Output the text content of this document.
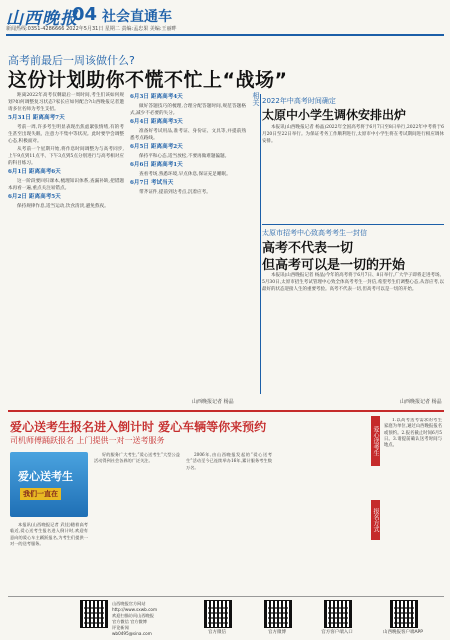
山西晚报
04 社会直通车
新闻热线:0351-4286666 2022年5月31日 星期二 责编:孟忠果 美编:王丽畔
高考前最后一周该做什么?
这份计划助你不慌不忙上“战场”

距离2022年高考仅剩最后一周时间,考生们该如何规划?如何调整复习状态?家长应如何配合?山西晚报记者邀请多位名师为考生支招。

5月31日 距离高考7天

考前一周,许多考生明显表现出焦虑紧张情绪,有的考生甚至出现失眠、注意力不集中等状况。此时要学会调整心态,积极面对。

从考前一个星期开始,将作息时间调整为与高考同步,上午9点到11点半、下午3点到5点分别进行与高考相对应的科目练习。

6月1日 距离高考6天

这一阶段要回归课本,梳理知识体系,查漏补缺,把错题本再看一遍,重点关注易错点。

6月2日 距离高考5天

保持规律作息,适当运动,饮食清淡,避免熬夜。

6月3日 距离高考4天

做好答题技巧的梳理,合理分配答题时间,规范答题格式,减少不必要的失分。

6月4日 距离高考3天

准备好考试用品,准考证、身份证、文具等,并提前熟悉考点路线。

6月5日 距离高考2天

保持平和心态,适当放松,不要再做难题偏题。

6月6日 距离高考1天

查看考场,熟悉环境,早点休息,保证充足睡眠。

6月7日 考试当天

带齐证件,提前到达考点,沉着应考。

相关 2022年中高考时间确定
太原中小学生调休安排出炉

本报讯(山西晚报记者 杨晶)2022年全国高考将于6月7日至8日举行,2022年中考将于6月20日至22日举行。为保证考务工作顺利进行,太原市中小学生将在考试期间进行相应调休安排。

太原市招考中心致高考考生一封信
高考不代表一切
但高考可以是一切的开始

本报讯(山西晚报记者 杨晶)今年的高考将于6月7日、8日举行,广大学子即将走进考场。5月30日,太原市招生考试管理中心致全体高考考生一封信,希望考生们调整心态,从容应考,以最好的状态迎接人生的重要考验。高考不代表一切,但高考可以是一切的开始。

山西晚报记者 杨晶	山西晚报记者 杨晶
爱心送考生报名进入倒计时 爱心车辆等你来预约
司机师傅踊跃报名 上门提供一对一送考服务
爱心送考生
我们一直在

本报讯(山西晚报记者 武佳)随着高考临近,爱心送考生报名进入倒计时,欢迎有意向的爱心车主踊跃报名,为考生们提供一对一的送考服务。

好的服务广大考生,“爱心送考生”大型公益活动得到社会各界的广泛关注。

2006年,由山西晚报发起的“爱心送考生”活动至今已连续举办16年,累计服务考生数万名。

1.以高考送考需求的考生家庭为单位,通过山西晚报报名或预约。2.报名截止时间6月5日。3.请提前确认送考时间与地点。

爱心送考生
报名方式
山西晚报官方网站
http://www.sxwb.com
欢迎扫描访问山西晚报
官方微信 官方微博
评论新闻
wb0495@sina.com	官方微信	官方微博	官方客户端入口	山西晚报客户端APP
